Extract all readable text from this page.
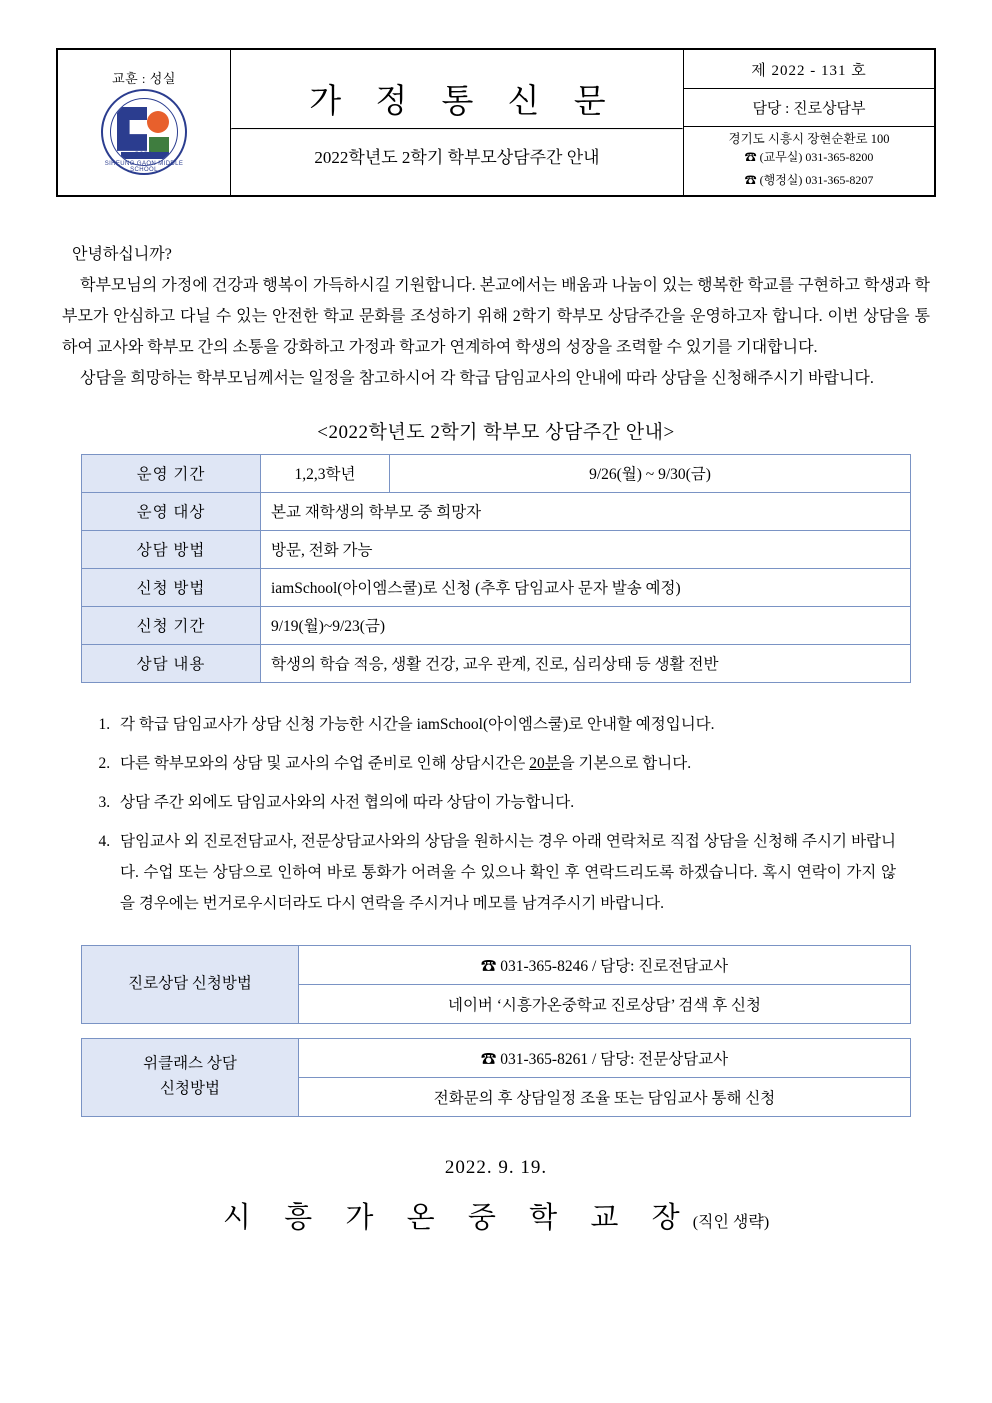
교훈 : 성실
2021
SIHEUNG GAON MIDDLE SCHOOL

가 정 통 신 문
2022학년도 2학기 학부모상담주간 안내

제 2022 - 131 호
담당 : 진로상담부
경기도 시흥시 장현순환로 100
☎ (교무실) 031-365-8200
☎ (행정실) 031-365-8207

안녕하십니까?

학부모님의 가정에 건강과 행복이 가득하시길 기원합니다. 본교에서는 배움과 나눔이 있는 행복한 학교를 구현하고 학생과 학부모가 안심하고 다닐 수 있는 안전한 학교 문화를 조성하기 위해 2학기 학부모 상담주간을 운영하고자 합니다. 이번 상담을 통하여 교사와 학부모 간의 소통을 강화하고 가정과 학교가 연계하여 학생의 성장을 조력할 수 있기를 기대합니다.

상담을 희망하는 학부모님께서는 일정을 참고하시어 각 학급 담임교사의 안내에 따라 상담을 신청해주시기 바랍니다.

<2022학년도 2학기 학부모 상담주간 안내>
운영 기간	1,2,3학년	9/26(월) ~ 9/30(금)
운영 대상	본교 재학생의 학부모 중 희망자	
상담 방법	방문, 전화 가능	
신청 방법	iamSchool(아이엠스쿨)로 신청 (추후 담임교사 문자 발송 예정)	
신청 기간	9/19(월)~9/23(금)	
상담 내용	학생의 학습 적응, 생활 건강, 교우 관계, 진로, 심리상태 등 생활 전반	
1. 각 학급 담임교사가 상담 신청 가능한 시간을 iamSchool(아이엠스쿨)로 안내할 예정입니다.
2. 다른 학부모와의 상담 및 교사의 수업 준비로 인해 상담시간은 20분을 기본으로 합니다.
3. 상담 주간 외에도 담임교사와의 사전 협의에 따라 상담이 가능합니다.
4. 담임교사 외 진로전담교사, 전문상담교사와의 상담을 원하시는 경우 아래 연락처로 직접 상담을 신청해 주시기 바랍니다. 수업 또는 상담으로 인하여 바로 통화가 어려울 수 있으나 확인 후 연락드리도록 하겠습니다. 혹시 연락이 가지 않을 경우에는 번거로우시더라도 다시 연락을 주시거나 메모를 남겨주시기 바랍니다.
진로상담 신청방법	☎ 031-365-8246 / 담당: 진로전담교사
네이버 ‘시흥가온중학교 진로상담’ 검색 후 신청
위클래스 상담
신청방법
	☎ 031-365-8261 / 담당: 전문상담교사
전화문의 후 상담일정 조율 또는 담임교사 통해 신청
2022. 9. 19.
시 흥 가 온 중 학 교 장(직인 생략)
